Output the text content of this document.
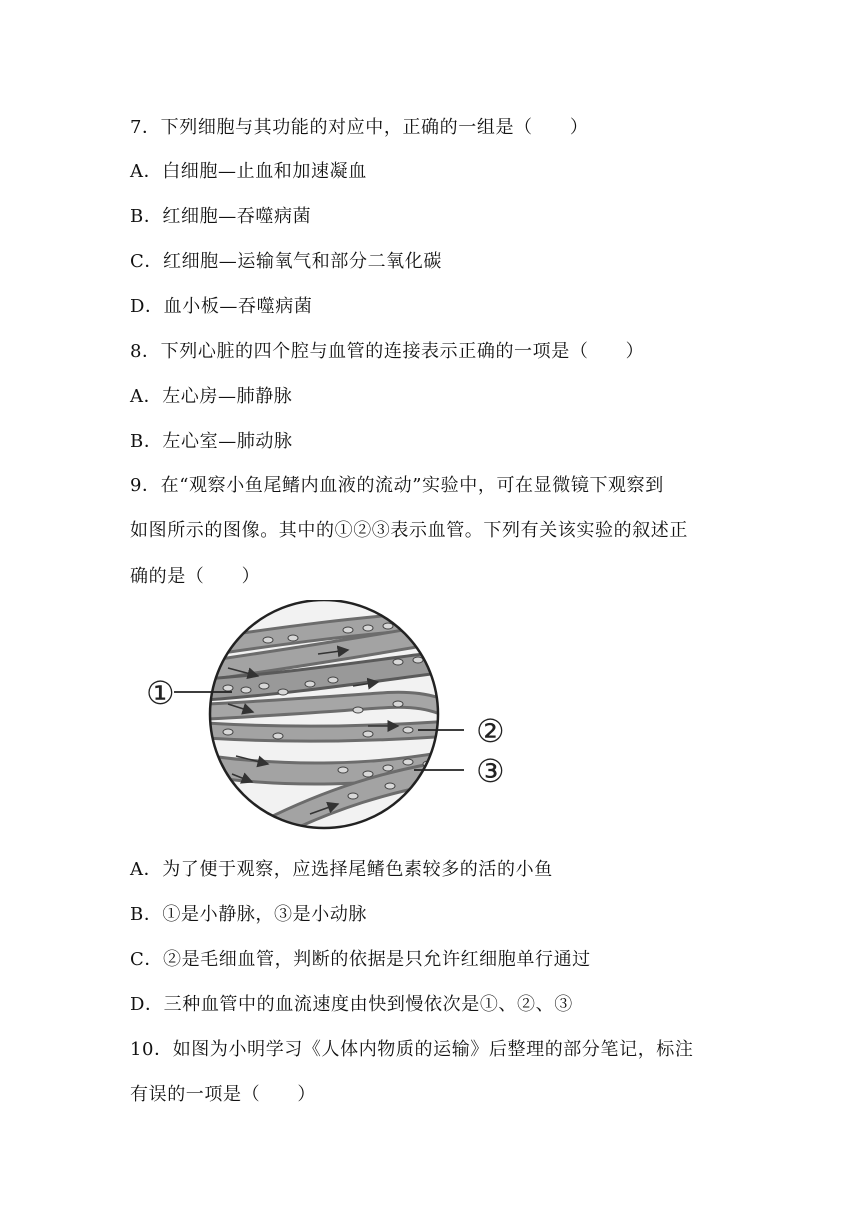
7．下列细胞与其功能的对应中，正确的一组是（　　）
A．白细胞—止血和加速凝血
B．红细胞—吞噬病菌
C．红细胞—运输氧气和部分二氧化碳
D．血小板—吞噬病菌
8．下列心脏的四个腔与血管的连接表示正确的一项是（　　）
A．左心房—肺静脉
B．左心室—肺动脉
9．在“观察小鱼尾鳍内血液的流动”实验中，可在显微镜下观察到
如图所示的图像。其中的①②③表示血管。下列有关该实验的叙述正
确的是（　　）
①
②
③
A．为了便于观察，应选择尾鳍色素较多的活的小鱼
B．①是小静脉，③是小动脉
C．②是毛细血管，判断的依据是只允许红细胞单行通过
D．三种血管中的血流速度由快到慢依次是①、②、③
10．如图为小明学习《人体内物质的运输》后整理的部分笔记，标注
有误的一项是（　　）
